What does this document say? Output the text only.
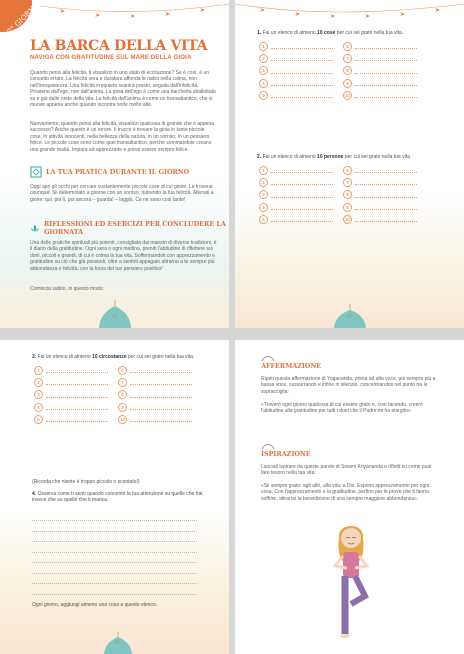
7° GIORNO
LA BARCA DELLA VITA
NAVIGA CON GRATITUDINE SUL MARE DELLA GIOIA

Quando pensi alla felicità, ti visualizzi in uno stato di eccitazione? Se è così, è un concetto errato. La felicità vera e duratura affonda le radici nella calma, non nell'irrequietezza. Una felicità irrequieta svanirà presto, seguita dall'infelicità. Proviene dall'ego, non dall'anima. La gioia dell'ego è come una barchetta sballottata su e giù dalle onde della vita. La felicità dell'anima è come un transatlantico, che si muove appena anche quando incontra onde molto alte.

Nuovamente, quando pensi alla felicità, visualizzi qualcosa di grande che è appena successo? Anche questo è un errore. Il trucco è trovare la gioia in tante piccole cose, in attività innocenti, nella bellezza della natura, in un sorriso, in un pensiero felice. Le piccole cose sono come quei transatlantico, perché sommandole creano una grande realtà. Impara ad apprezzarle e potrai essere sempre felice.

LA TUA PRATICA DURANTE IL GIORNO

Oggi apri gli occhi per cercare costantemente piccole cose di cui gioire. Le troverai ovunque! Sii determinato a gioirne con un sorriso, nutrendo la tua felicità. Allenati a gioire: qui, poi lì, poi ancora – guarda! – laggiù. Ce ne sono così tante!

RIFLESSIONI ED ESERCIZI PER CONCLUDERE LA GIORNATA

Una delle pratiche spirituali più potenti, consigliata dai maestri di diverse tradizioni, è il diario della gratitudine. Ogni sera o ogni mattina, prendi l'abitudine di riflettere sui doni, piccoli e grandi, di cui è colma la tua vita. Soffermandoti con apprezzamento e gratitudine su ciò che già possiedi, oltre a sentirti appagato attrarrai a te sempre più abbondanza e felicità, con la forza del tuo pensiero positivo!

Comincia subito, in questo modo:

92
1. Fai un elenco di almeno 10 cose per cui sei grato nella tua vita.
1
2
3
4
5
6
7
8
9
10
2. Fai un elenco di almeno 10 persone per cui sei grato nella tua vita.
1
2
3
4
5
6
7
8
9
10
93
3. Fai un elenco di almeno 10 circostanze per cui sei grato nella tua vita.
1
2
3
4
5
6
7
8
9
10
(Ricorda che niente è troppo piccolo o scontato!)
4. Osserva come ti senti quando concentri la tua attenzione su quelle che hai, invece che su quelle che ti manca.
Ogni giorno, aggiungi almeno una cosa a questo elenco.
94
AFFERMAZIONE

Ripeti questa affermazione di Yogananda, prima ad alta voce, poi sempre più a bassa voce, sussurrando e infine in silenzio, concentrandoti nel punto tra le sopracciglia:

«Troverò ogni giorno qualcosa di cui essere grato e, così facendo, creerò l'abitudine alla gratitudine per tutti i doni che il Padre mi ha elargito».

ISPIRAZIONE

Lasciati ispirare da queste parole di Swami Kriyananda e rifletti su come puoi fare tesoro nella tua vita:

«Sii sempre grato: agli altri, alla vita, a Dio. Esprimi apprezzamento per ogni cosa. Con l'apprezzamento e la gratitudine, perfino per le prove che ti fanno soffrire, attrarrai la benedizione di una sempre maggiore abbondanza».
